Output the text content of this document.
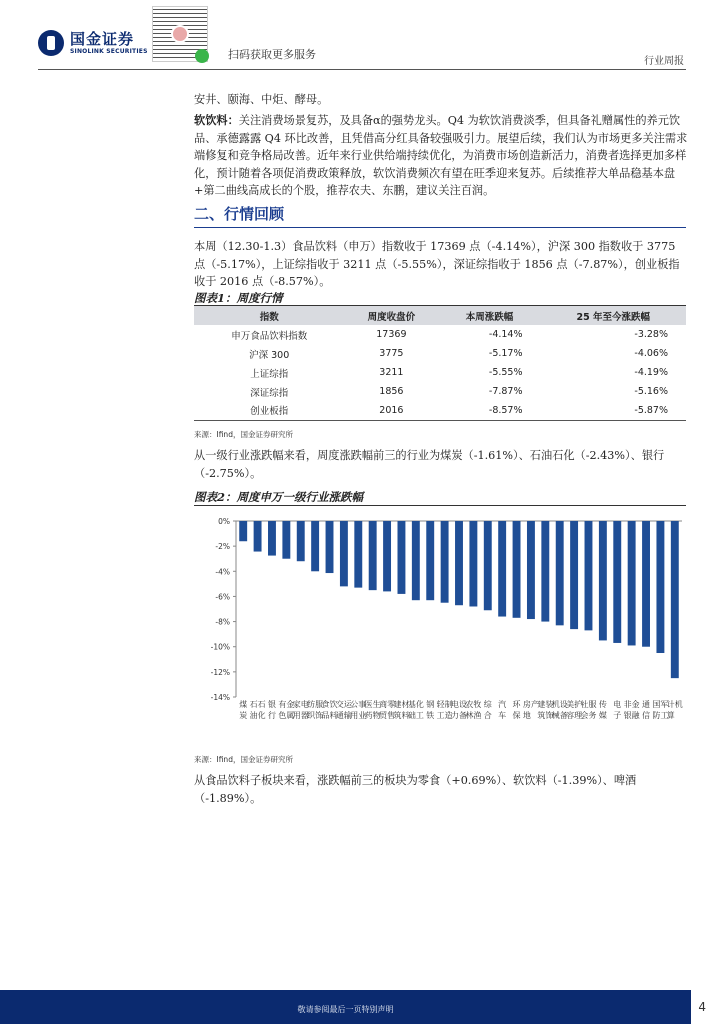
国金证券
SINOLINK SECURITIES	扫码获取更多服务
行业周报
安井、颐海、中炬、酵母。
软饮料：关注消费场景复苏，及具备α的强势龙头。Q4 为软饮消费淡季，但具备礼赠属性的养元饮品、承德露露 Q4 环比改善，且凭借高分红具备较强吸引力。展望后续，我们认为市场更多关注需求端修复和竞争格局改善。近年来行业供给端持续优化，为消费市场创造新活力，消费者选择更加多样化，预计随着各项促消费政策释放，软饮消费频次有望在旺季迎来复苏。后续推荐大单品稳基本盘+第二曲线高成长的个股，推荐农夫、东鹏，建议关注百润。
二、行情回顾
本周（12.30-1.3）食品饮料（申万）指数收于 17369 点（-4.14%），沪深 300 指数收于 3775 点（-5.17%），上证综指收于 3211 点（-5.55%），深证综指收于 1856 点（-7.87%），创业板指收于 2016 点（-8.57%）。
图表1：周度行情
指数	周度收盘价	本周涨跌幅	25 年至今涨跌幅
申万食品饮料指数	17369	-4.14%	-3.28%
沪深 300	3775	-5.17%	-4.06%
上证综指	3211	-5.55%	-4.19%
深证综指	1856	-7.87%	-5.16%
创业板指	2016	-8.57%	-5.87%
来源：Ifind，国金证券研究所
从一级行业涨跌幅来看，周度涨跌幅前三的行业为煤炭（-1.61%）、石油石化（-2.43%）、银行（-2.75%）。
图表2：周度申万一级行业涨跌幅
0%
-2%
-4%
-6%
-8%
-10%
-12%
-14%
煤炭
石油石化
银行
有色金属
家用电器
纺织服饰
食品饮料
交通运输
公用事业
医药生物
商贸零售
建筑材料
基础化工
钢铁
轻工制造
电力设备
农林牧渔
综合
汽车
环保
房地产
建筑装饰
机械设备
美容护理
社会服务
传媒
电子
非银金融
通信
国防军工
计算机
来源：Ifind，国金证券研究所
从食品饮料子板块来看，涨跌幅前三的板块为零食（+0.69%）、软饮料（-1.39%）、啤酒（-1.89%）。
敬请参阅最后一页特别声明	4
